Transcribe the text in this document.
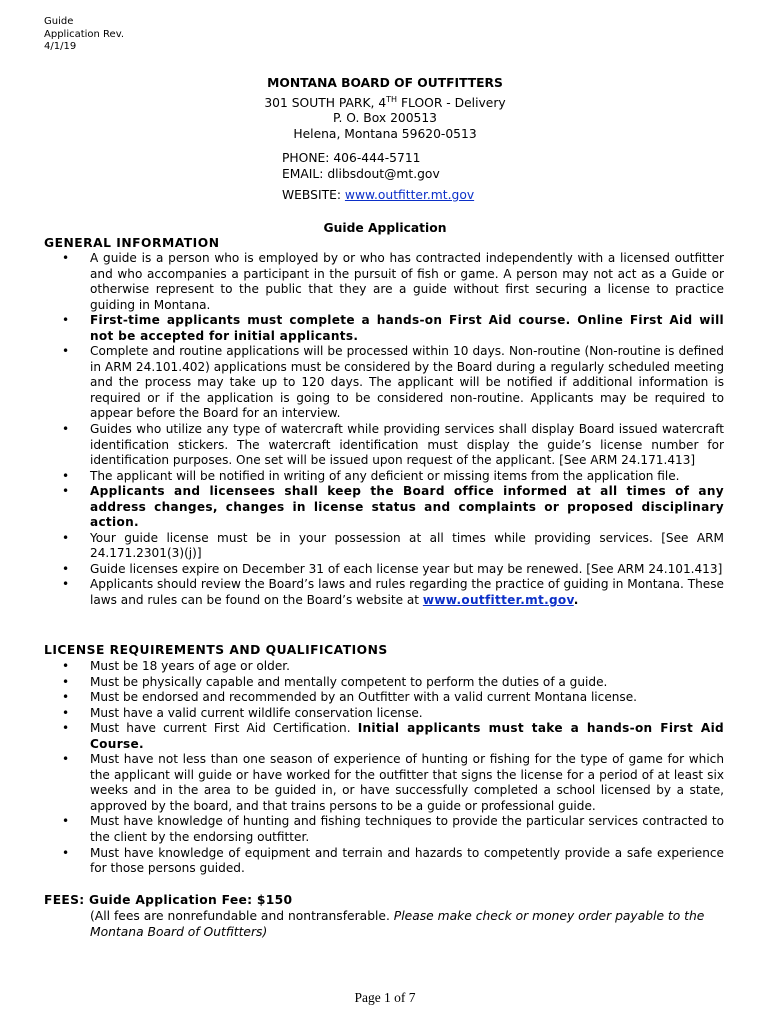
Guide
Application Rev.
4/1/19
MONTANA BOARD OF OUTFITTERS
301 SOUTH PARK, 4TH FLOOR - Delivery
P. O. Box 200513
Helena, Montana 59620-0513
PHONE: 406-444-5711
EMAIL: dlibsdout@mt.gov
WEBSITE: www.outfitter.mt.gov
Guide Application
GENERAL INFORMATION
• A guide is a person who is employed by or who has contracted independently with a licensed outfitter and who accompanies a participant in the pursuit of fish or game. A person may not act as a Guide or otherwise represent to the public that they are a guide without first securing a license to practice guiding in Montana.
• First-time applicants must complete a hands-on First Aid course. Online First Aid will not be accepted for initial applicants.
• Complete and routine applications will be processed within 10 days. Non-routine (Non-routine is defined in ARM 24.101.402) applications must be considered by the Board during a regularly scheduled meeting and the process may take up to 120 days. The applicant will be notified if additional information is required or if the application is going to be considered non-routine. Applicants may be required to appear before the Board for an interview.
• Guides who utilize any type of watercraft while providing services shall display Board issued watercraft identification stickers. The watercraft identification must display the guide’s license number for identification purposes. One set will be issued upon request of the applicant. [See ARM 24.171.413]
• The applicant will be notified in writing of any deficient or missing items from the application file.
• Applicants and licensees shall keep the Board office informed at all times of any address changes, changes in license status and complaints or proposed disciplinary action.
• Your guide license must be in your possession at all times while providing services. [See ARM 24.171.2301(3)(j)]
• Guide licenses expire on December 31 of each license year but may be renewed. [See ARM 24.101.413]
• Applicants should review the Board’s laws and rules regarding the practice of guiding in Montana. These laws and rules can be found on the Board’s website at www.outfitter.mt.gov.
LICENSE REQUIREMENTS AND QUALIFICATIONS
• Must be 18 years of age or older.
• Must be physically capable and mentally competent to perform the duties of a guide.
• Must be endorsed and recommended by an Outfitter with a valid current Montana license.
• Must have a valid current wildlife conservation license.
• Must have current First Aid Certification. Initial applicants must take a hands-on First Aid Course.
• Must have not less than one season of experience of hunting or fishing for the type of game for which the applicant will guide or have worked for the outfitter that signs the license for a period of at least six weeks and in the area to be guided in, or have successfully completed a school licensed by a state, approved by the board, and that trains persons to be a guide or professional guide.
• Must have knowledge of hunting and fishing techniques to provide the particular services contracted to the client by the endorsing outfitter.
• Must have knowledge of equipment and terrain and hazards to competently provide a safe experience for those persons guided.
FEES: Guide Application Fee: $150
(All fees are nonrefundable and nontransferable. Please make check or money order payable to the Montana Board of Outfitters)
Page 1 of 7
